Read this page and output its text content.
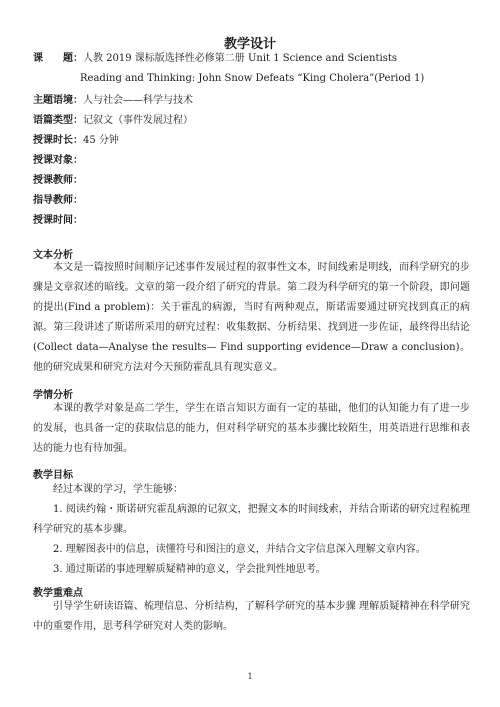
教学设计
课　　题：人教 2019 课标版选择性必修第二册 Unit 1 Science and Scientists
Reading and Thinking: John Snow Defeats “King Cholera”(Period 1)
主题语境：人与社会——科学与技术
语篇类型：记叙文（事件发展过程）
授课时长：45 分钟
授课对象：
授课教师：
指导教师：
授课时间：
文本分析
本文是一篇按照时间顺序记述事件发展过程的叙事性文本，时间线索是明线，而科学研究的步骤是文章叙述的暗线。文章的第一段介绍了研究的背景。第二段为科学研究的第一个阶段，即问题的提出(Find a problem)：关于霍乱的病源，当时有两种观点，斯诺需要通过研究找到真正的病源。第三段讲述了斯诺所采用的研究过程：收集数据、分析结果、找到进一步佐证，最终得出结论(Collect data—Analyse the results— Find supporting evidence—Draw a conclusion)。他的研究成果和研究方法对今天预防霍乱具有现实意义。
学情分析
本课的教学对象是高二学生，学生在语言知识方面有一定的基础，他们的认知能力有了进一步的发展，也具备一定的获取信息的能力，但对科学研究的基本步骤比较陌生，用英语进行思维和表达的能力也有待加强。
教学目标
经过本课的学习，学生能够：
1. 阅读约翰・斯诺研究霍乱病源的记叙文，把握文本的时间线索，并结合斯诺的研究过程梳理科学研究的基本步骤。
2. 理解图表中的信息，读懂符号和图注的意义，并结合文字信息深入理解文章内容。
3. 通过斯诺的事迹理解质疑精神的意义，学会批判性地思考。
教学重难点
引导学生研读语篇、梳理信息、分析结构，了解科学研究的基本步骤 理解质疑精神在科学研究中的重要作用，思考科学研究对人类的影响。
1
